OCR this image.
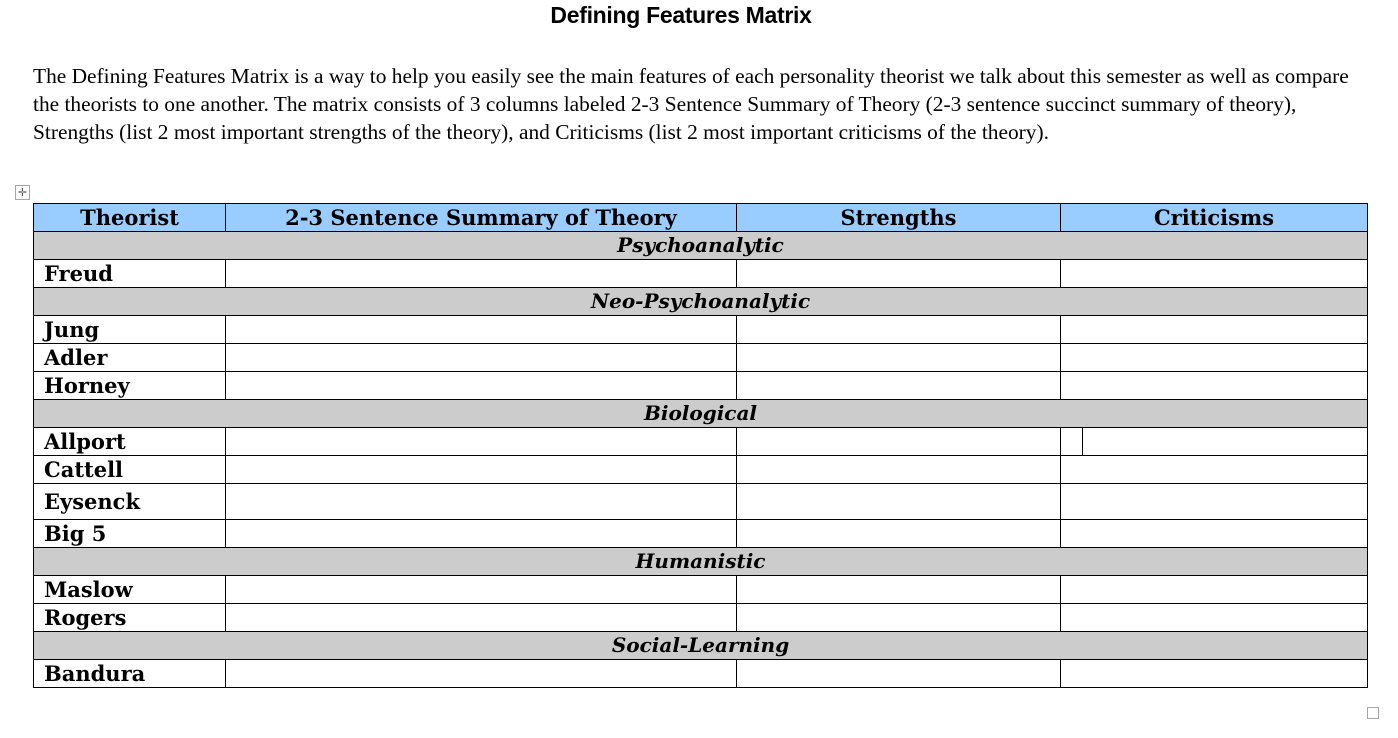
Defining Features Matrix
The Defining Features Matrix is a way to help you easily see the main features of each personality theorist we talk about this semester as well as compare the theorists to one another. The matrix consists of 3 columns labeled 2-3 Sentence Summary of Theory (2-3 sentence succinct summary of theory), Strengths (list 2 most important strengths of the theory), and Criticisms (list 2 most important criticisms of the theory).
✛
Theorist	2-3 Sentence Summary of Theory	Strengths	Criticisms
Psychoanalytic			
Freud			
Neo-Psychoanalytic			
Jung			
Adler			
Horney			
Biological			
Allport			

Cattell			
Eysenck			
Big 5			
Humanistic			
Maslow			
Rogers			
Social-Learning			
Bandura			
